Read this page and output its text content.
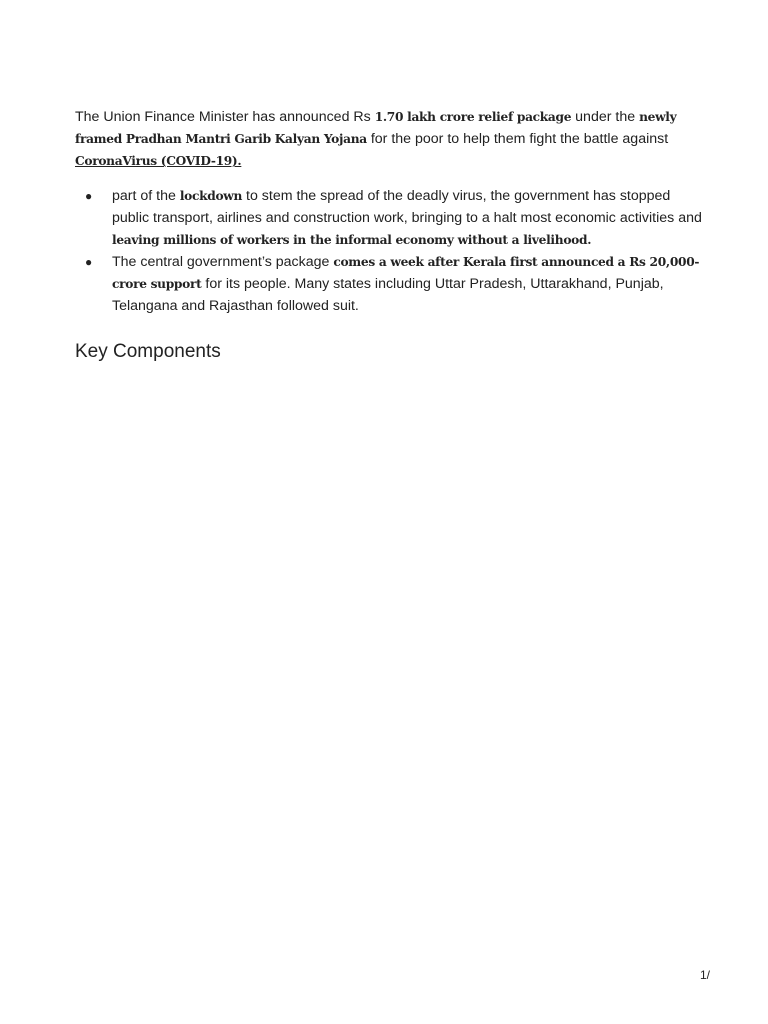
The Union Finance Minister has announced Rs 1.70 lakh crore relief package under the newly framed Pradhan Mantri Garib Kalyan Yojana for the poor to help them fight the battle against CoronaVirus (COVID-19).

● part of the lockdown to stem the spread of the deadly virus, the government has stopped public transport, airlines and construction work, bringing to a halt most economic activities and leaving millions of workers in the informal economy without a livelihood.
● The central government’s package comes a week after Kerala first announced a Rs 20,000-crore support for its people. Many states including Uttar Pradesh, Uttarakhand, Punjab, Telangana and Rajasthan followed suit.
Key Components
1/
